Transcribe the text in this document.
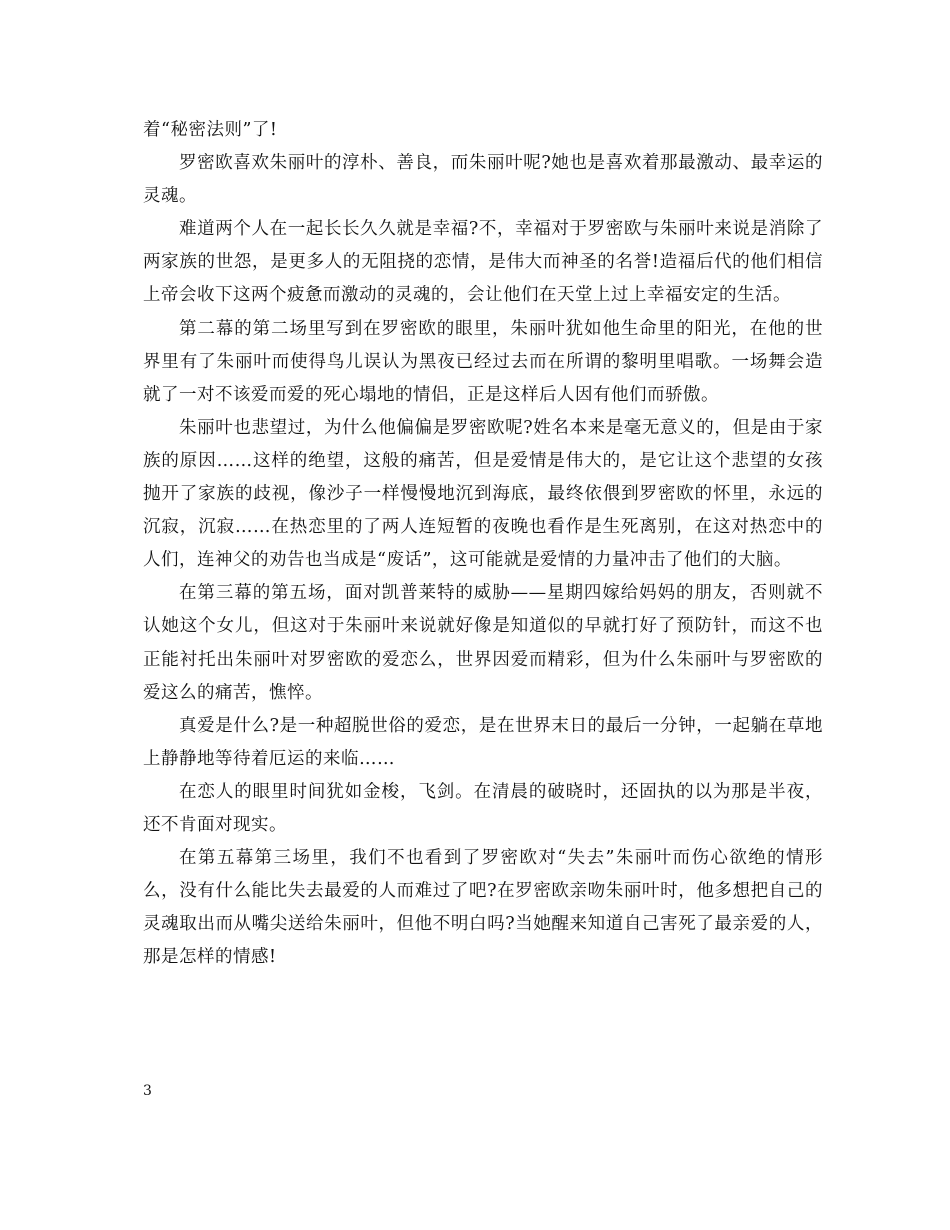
着“秘密法则”了!

罗密欧喜欢朱丽叶的淳朴、善良，而朱丽叶呢?她也是喜欢着那最激动、最幸运的灵魂。

难道两个人在一起长长久久就是幸福?不，幸福对于罗密欧与朱丽叶来说是消除了两家族的世怨，是更多人的无阻挠的恋情，是伟大而神圣的名誉!造福后代的他们相信上帝会收下这两个疲惫而激动的灵魂的，会让他们在天堂上过上幸福安定的生活。

第二幕的第二场里写到在罗密欧的眼里，朱丽叶犹如他生命里的阳光，在他的世界里有了朱丽叶而使得鸟儿误认为黑夜已经过去而在所谓的黎明里唱歌。一场舞会造就了一对不该爱而爱的死心塌地的情侣，正是这样后人因有他们而骄傲。

朱丽叶也悲望过，为什么他偏偏是罗密欧呢?姓名本来是毫无意义的，但是由于家族的原因……这样的绝望，这般的痛苦，但是爱情是伟大的，是它让这个悲望的女孩抛开了家族的歧视，像沙子一样慢慢地沉到海底，最终依偎到罗密欧的怀里，永远的沉寂，沉寂……在热恋里的了两人连短暂的夜晚也看作是生死离别，在这对热恋中的人们，连神父的劝告也当成是“废话”，这可能就是爱情的力量冲击了他们的大脑。

在第三幕的第五场，面对凯普莱特的威胁——星期四嫁给妈妈的朋友，否则就不认她这个女儿，但这对于朱丽叶来说就好像是知道似的早就打好了预防针，而这不也正能衬托出朱丽叶对罗密欧的爱恋么，世界因爱而精彩，但为什么朱丽叶与罗密欧的爱这么的痛苦，憔悴。

真爱是什么?是一种超脱世俗的爱恋，是在世界末日的最后一分钟，一起躺在草地上静静地等待着厄运的来临……

在恋人的眼里时间犹如金梭，飞剑。在清晨的破晓时，还固执的以为那是半夜，还不肯面对现实。

在第五幕第三场里，我们不也看到了罗密欧对“失去”朱丽叶而伤心欲绝的情形么，没有什么能比失去最爱的人而难过了吧?在罗密欧亲吻朱丽叶时，他多想把自己的灵魂取出而从嘴尖送给朱丽叶，但他不明白吗?当她醒来知道自己害死了最亲爱的人，那是怎样的情感!

3
